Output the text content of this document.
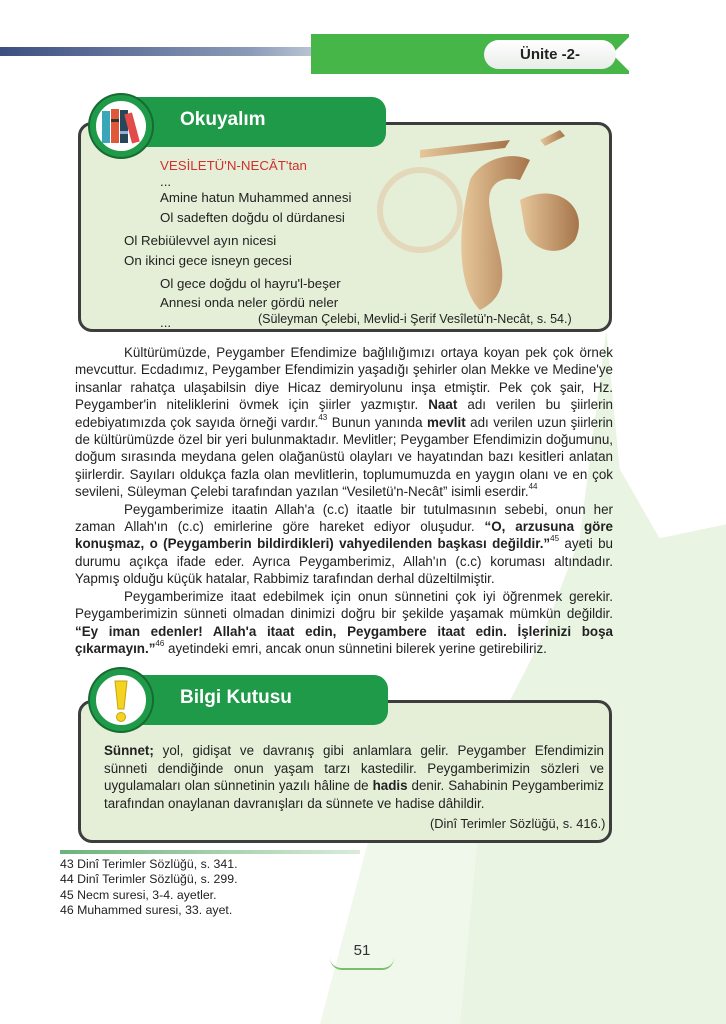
Ünite -2-
Okuyalım
VESİLETÜ'N-NECÂT'tan
...
Amine hatun Muhammed annesi
Ol sadeften doğdu ol dürdanesi
Ol Rebiülevvel ayın nicesi
On ikinci gece isneyn gecesi
Ol gece doğdu ol hayru'l-beşer
Annesi onda neler gördü neler
...	(Süleyman Çelebi, Mevlid-i Şerif Vesîletü'n-Necât, s. 54.)

Kültürümüzde, Peygamber Efendimize bağlılığımızı ortaya koyan pek çok örnek mevcuttur. Ecdadımız, Peygamber Efendimizin yaşadığı şehirler olan Mekke ve Medine'ye insanlar rahatça ulaşabilsin diye Hicaz demiryolunu inşa etmiştir. Pek çok şair, Hz. Peygamber'in niteliklerini övmek için şiirler yazmıştır. Naat adı verilen bu şiirlerin edebiyatımızda çok sayıda örneği vardır.$^{43}$ Bunun yanında mevlit adı verilen uzun şiirlerin de kültürümüzde özel bir yeri bulunmaktadır. Mevlitler; Peygamber Efendimizin doğumunu, doğum sırasında meydana gelen olağanüstü olayları ve hayatından bazı kesitleri anlatan şiirlerdir. Sayıları oldukça fazla olan mevlitlerin, toplumumuzda en yaygın olanı ve en çok sevileni, Süleyman Çelebi tarafından yazılan “Vesiletü'n-Necât” isimli eserdir.$^{44}$

Peygamberimize itaatin Allah'a (c.c) itaatle bir tutulmasının sebebi, onun her zaman Allah'ın (c.c) emirlerine göre hareket ediyor oluşudur. “O, arzusuna göre konuşmaz, o (Peygamberin bildirdikleri) vahyedilenden başkası değildir.”$^{45}$ ayeti bu durumu açıkça ifade eder. Ayrıca Peygamberimiz, Allah'ın (c.c) koruması altındadır. Yapmış olduğu küçük hatalar, Rabbimiz tarafından derhal düzeltilmiştir.

Peygamberimize itaat edebilmek için onun sünnetini çok iyi öğrenmek gerekir. Peygamberimizin sünneti olmadan dinimizi doğru bir şekilde yaşamak mümkün değildir. “Ey iman edenler! Allah'a itaat edin, Peygambere itaat edin. İşlerinizi boşa çıkarmayın.”$^{46}$ ayetindeki emri, ancak onun sünnetini bilerek yerine getirebiliriz.

Bilgi Kutusu
Sünnet; yol, gidişat ve davranış gibi anlamlara gelir. Peygamber Efendimizin sünneti dendiğinde onun yaşam tarzı kastedilir. Peygamberimizin sözleri ve uygulamaları olan sünnetinin yazılı hâline de hadis denir. Sahabinin Peygamberimiz tarafından onaylanan davranışları da sünnete ve hadise dâhildir.
(Dinî Terimler Sözlüğü, s. 416.)
43 Dinî Terimler Sözlüğü, s. 341.
44 Dinî Terimler Sözlüğü, s. 299.
45 Necm suresi, 3-4. ayetler.
46 Muhammed suresi, 33. ayet.
51
